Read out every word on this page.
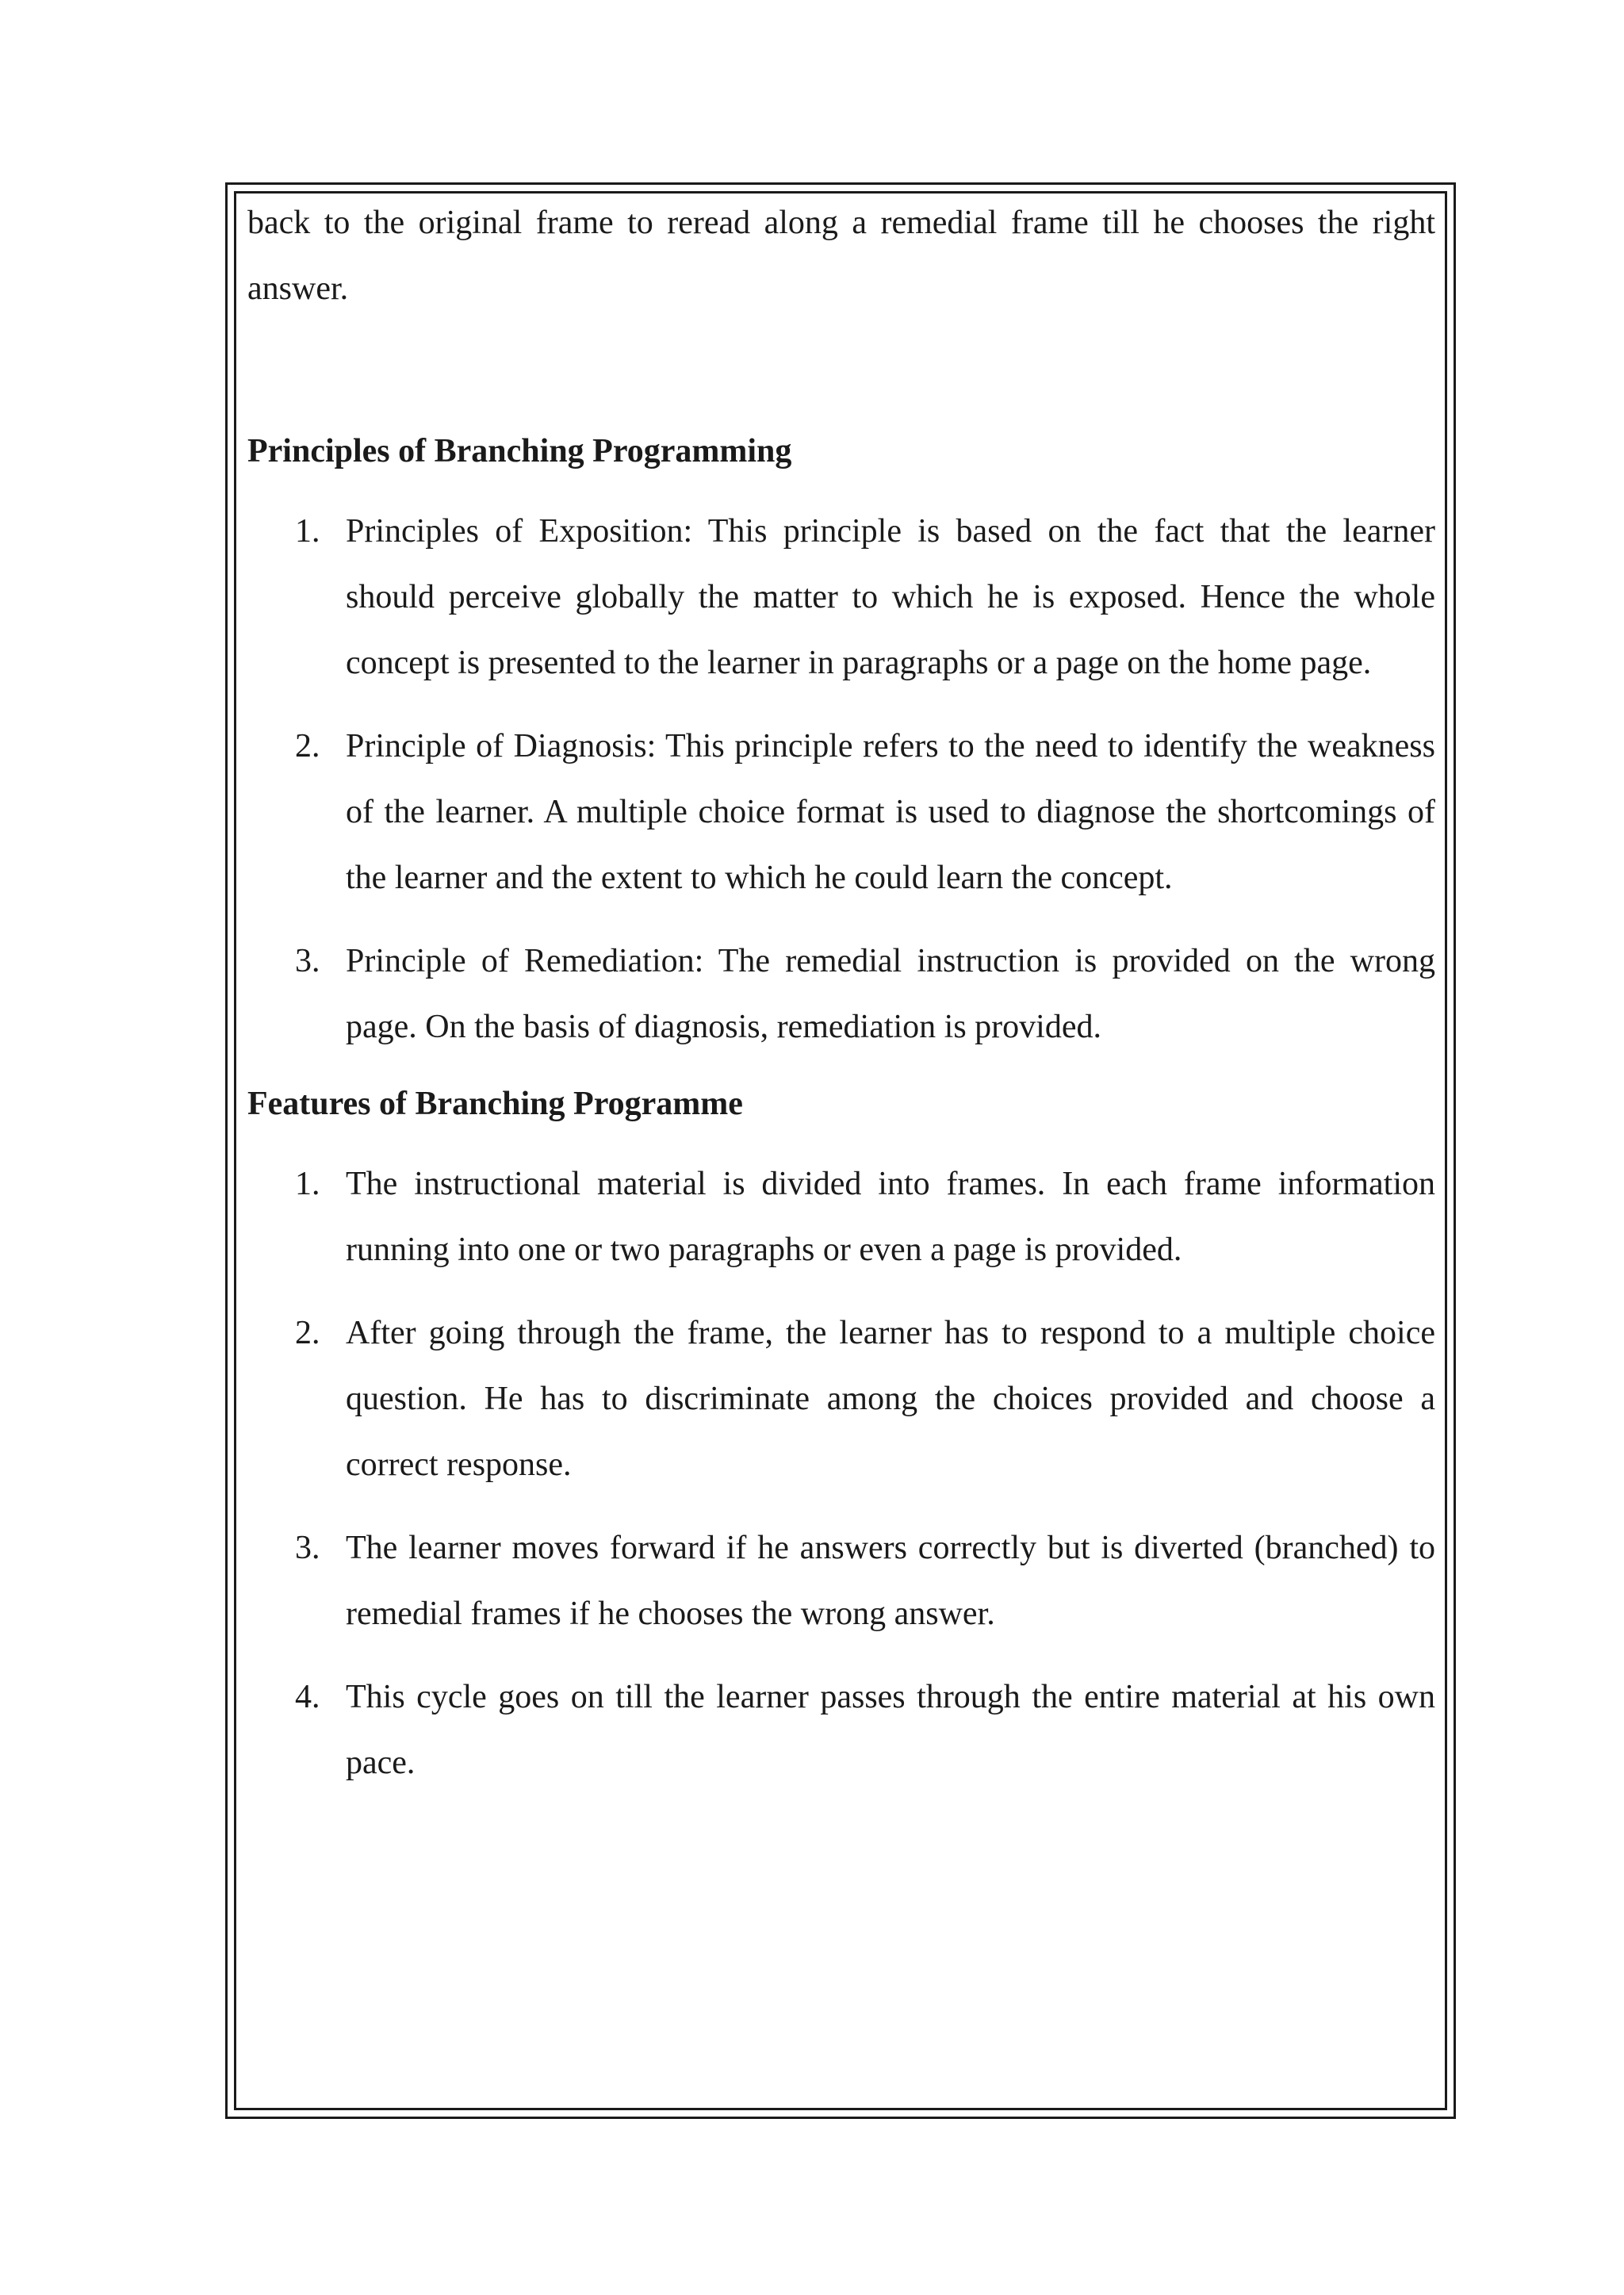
back to the original frame to reread along a remedial frame till he chooses the right answer.

Principles of Branching Programming
1. Principles of Exposition: This principle is based on the fact that the learner should perceive globally the matter to which he is exposed. Hence the whole concept is presented to the learner in paragraphs or a page on the home page.
2. Principle of Diagnosis: This principle refers to the need to identify the weakness of the learner. A multiple choice format is used to diagnose the shortcomings of the learner and the extent to which he could learn the concept.
3. Principle of Remediation: The remedial instruction is provided on the wrong page. On the basis of diagnosis, remediation is provided.
Features of Branching Programme
1. The instructional material is divided into frames. In each frame information running into one or two paragraphs or even a page is provided.
2. After going through the frame, the learner has to respond to a multiple choice question. He has to discriminate among the choices provided and choose a correct response.
3. The learner moves forward if he answers correctly but is diverted (branched) to remedial frames if he chooses the wrong answer.
4. This cycle goes on till the learner passes through the entire material at his own pace.
